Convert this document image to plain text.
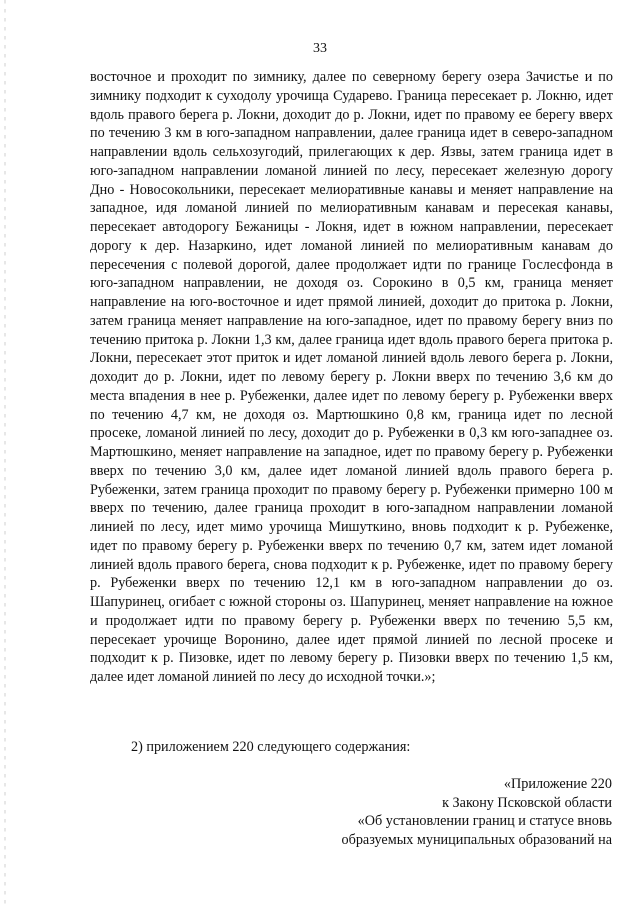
33

восточное и проходит по зимнику, далее по северному берегу озера Зачистье и по зимнику подходит к суходолу урочища Сударево. Граница пересекает р. Локню, идет вдоль правого берега р. Локни, доходит до р. Локни, идет по правому ее берегу вверх по течению 3 км в юго-западном направлении, далее граница идет в северо-западном направлении вдоль сельхозугодий, прилегающих к дер. Язвы, затем граница идет в юго-западном направлении ломаной линией по лесу, пересекает железную дорогу Дно - Новосокольники, пересекает мелиоративные канавы и меняет направление на западное, идя ломаной линией по мелиоративным канавам и пересекая канавы, пересекает автодорогу Бежаницы - Локня, идет в южном направлении, пересекает дорогу к дер. Назаркино, идет ломаной линией по мелиоративным канавам до пересечения с полевой дорогой, далее продолжает идти по границе Гослесфонда в юго-западном направлении, не доходя оз. Сорокино в 0,5 км, граница меняет направление на юго-восточное и идет прямой линией, доходит до притока р. Локни, затем граница меняет направление на юго-западное, идет по правому берегу вниз по течению притока р. Локни 1,3 км, далее граница идет вдоль правого берега притока р. Локни, пересекает этот приток и идет ломаной линией вдоль левого берега р. Локни, доходит до р. Локни, идет по левому берегу р. Локни вверх по течению 3,6 км до места впадения в нее р. Рубеженки, далее идет по левому берегу р. Рубеженки вверх по течению 4,7 км, не доходя оз. Мартюшкино 0,8 км, граница идет по лесной просеке, ломаной линией по лесу, доходит до р. Рубеженки в 0,3 км юго-западнее оз. Мартюшкино, меняет направление на западное, идет по правому берегу р. Рубеженки вверх по течению 3,0 км, далее идет ломаной линией вдоль правого берега р. Рубеженки, затем граница проходит по правому берегу р. Рубеженки примерно 100 м вверх по течению, далее граница проходит в юго-западном направлении ломаной линией по лесу, идет мимо урочища Мишуткино, вновь подходит к р. Рубеженке, идет по правому берегу р. Рубеженки вверх по течению 0,7 км, затем идет ломаной линией вдоль правого берега, снова подходит к р. Рубеженке, идет по правому берегу р. Рубеженки вверх по течению 12,1 км в юго-западном направлении до оз. Шапуринец, огибает с южной стороны оз. Шапуринец, меняет направление на южное и продолжает идти по правому берегу р. Рубеженки вверх по течению 5,5 км, пересекает урочище Воронино, далее идет прямой линией по лесной просеке и подходит к р. Пизовке, идет по левому берегу р. Пизовки вверх по течению 1,5 км, далее идет ломаной линией по лесу до исходной точки.»;

2) приложением 220 следующего содержания:

«Приложение 220
к Закону Псковской области
«Об установлении границ и статусе вновь
образуемых муниципальных образований на
